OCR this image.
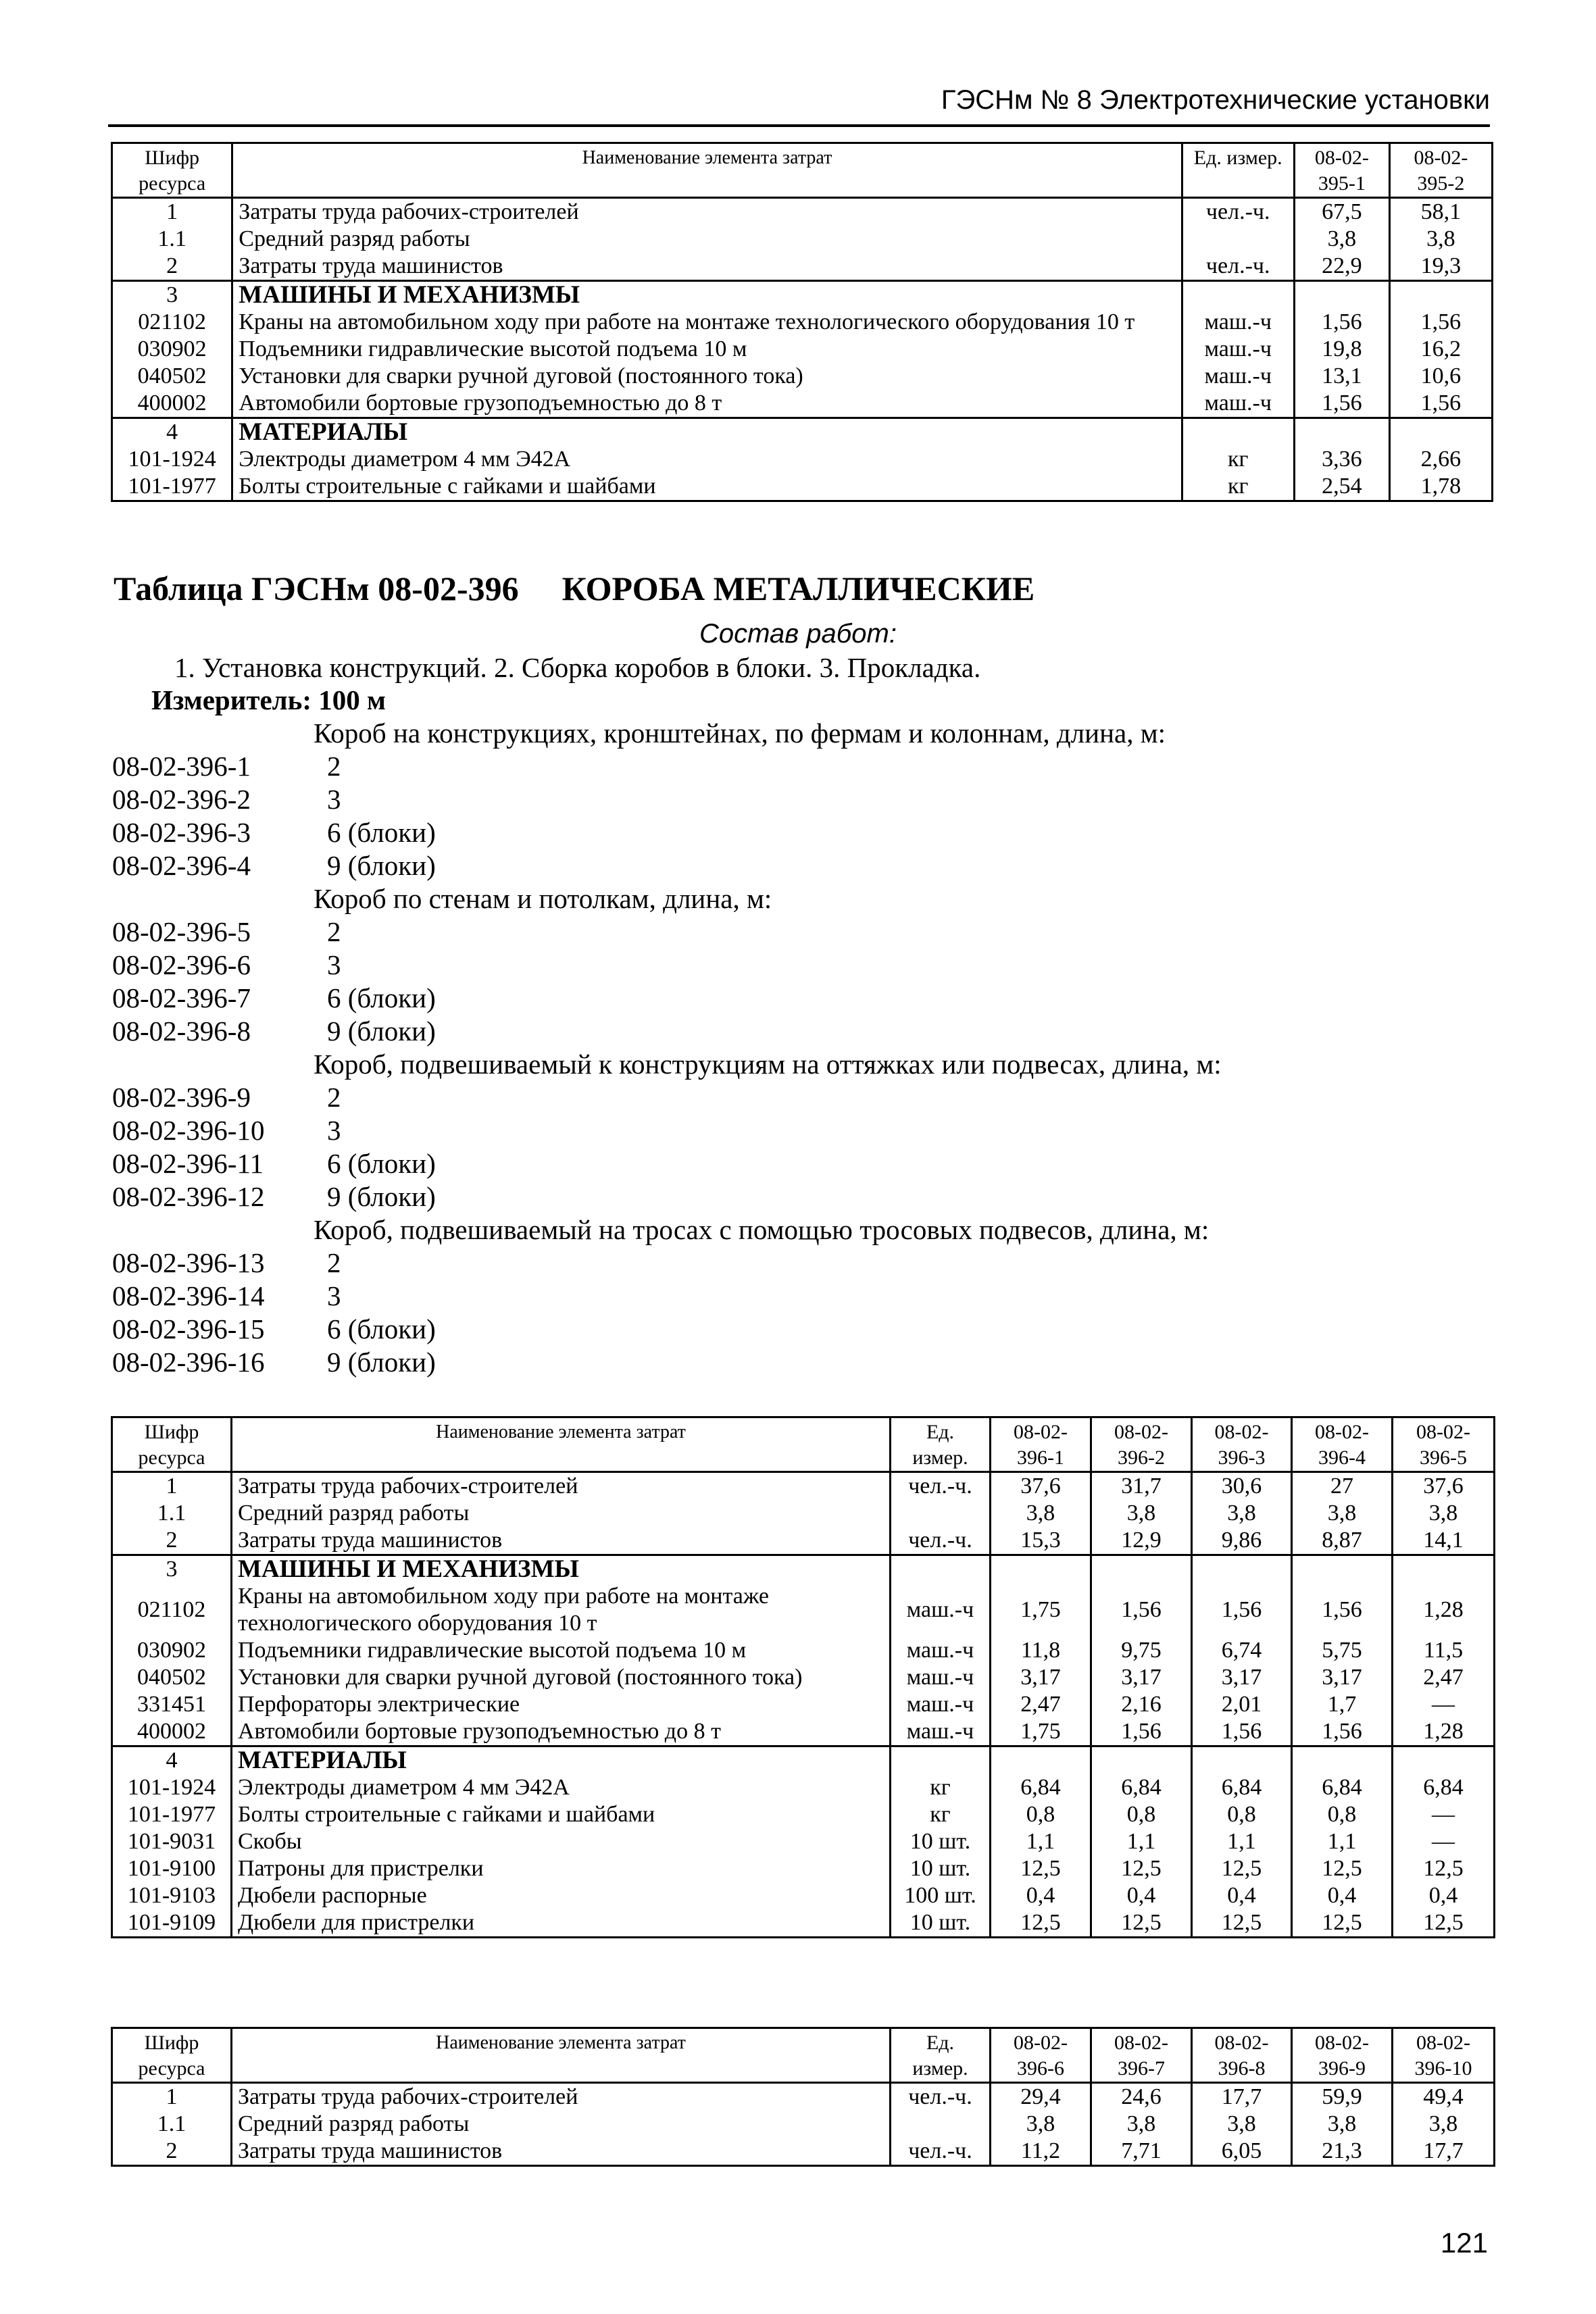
ГЭСНм № 8 Электротехнические установки
Шифр ресурса	Наименование элемента затрат	Ед. измер.	08-02-395-1	08-02-395-2
1	Затраты труда рабочих-строителей	чел.-ч.	67,5	58,1
1.1	Средний разряд работы		3,8	3,8
2	Затраты труда машинистов	чел.-ч.	22,9	19,3
3	МАШИНЫ И МЕХАНИЗМЫ			
021102	Краны на автомобильном ходу при работе на монтаже технологического оборудования 10 т	маш.-ч	1,56	1,56
030902	Подъемники гидравлические высотой подъема 10 м	маш.-ч	19,8	16,2
040502	Установки для сварки ручной дуговой (постоянного тока)	маш.-ч	13,1	10,6
400002	Автомобили бортовые грузоподъемностью до 8 т	маш.-ч	1,56	1,56
4	МАТЕРИАЛЫ			
101-1924	Электроды диаметром 4 мм Э42А	кг	3,36	2,66
101-1977	Болты строительные с гайками и шайбами	кг	2,54	1,78
Таблица ГЭСНм 08-02-396 КОРОБА МЕТАЛЛИЧЕСКИЕ
Состав работ:
1. Установка конструкций. 2. Сборка коробов в блоки. 3. Прокладка.
Измеритель: 100 м
Короб на конструкциях, кронштейнах, по фермам и колоннам, длина, м:
08-02-396-1	2
08-02-396-2	3
08-02-396-3	6 (блоки)
08-02-396-4	9 (блоки)
Короб по стенам и потолкам, длина, м:
08-02-396-5	2
08-02-396-6	3
08-02-396-7	6 (блоки)
08-02-396-8	9 (блоки)
Короб, подвешиваемый к конструкциям на оттяжках или подвесах, длина, м:
08-02-396-9	2
08-02-396-10 3
08-02-396-11 6 (блоки)
08-02-396-12 9 (блоки)
Короб, подвешиваемый на тросах с помощью тросовых подвесов, длина, м:
08-02-396-13 2
08-02-396-14 3
08-02-396-15 6 (блоки)
08-02-396-16 9 (блоки)
Шифр ресурса	Наименование элемента затрат	Ед. измер.	08-02-396-1	08-02-396-2	08-02-396-3	08-02-396-4	08-02-396-5
1	Затраты труда рабочих-строителей	чел.-ч.	37,6	31,7	30,6	27	37,6
1.1	Средний разряд работы		3,8	3,8	3,8	3,8	3,8
2	Затраты труда машинистов	чел.-ч.	15,3	12,9	9,86	8,87	14,1
3	МАШИНЫ И МЕХАНИЗМЫ						
021102	Краны на автомобильном ходу при работе на монтаже технологического оборудования 10 т	маш.-ч	1,75	1,56	1,56	1,56	1,28
030902	Подъемники гидравлические высотой подъема 10 м	маш.-ч	11,8	9,75	6,74	5,75	11,5
040502	Установки для сварки ручной дуговой (постоянного тока)	маш.-ч	3,17	3,17	3,17	3,17	2,47
331451	Перфораторы электрические	маш.-ч	2,47	2,16	2,01	1,7	—
400002	Автомобили бортовые грузоподъемностью до 8 т	маш.-ч	1,75	1,56	1,56	1,56	1,28
4	МАТЕРИАЛЫ						
101-1924	Электроды диаметром 4 мм Э42А	кг	6,84	6,84	6,84	6,84	6,84
101-1977	Болты строительные с гайками и шайбами	кг	0,8	0,8	0,8	0,8	—
101-9031	Скобы	10 шт.	1,1	1,1	1,1	1,1	—
101-9100	Патроны для пристрелки	10 шт.	12,5	12,5	12,5	12,5	12,5
101-9103	Дюбели распорные	100 шт.	0,4	0,4	0,4	0,4	0,4
101-9109	Дюбели для пристрелки	10 шт.	12,5	12,5	12,5	12,5	12,5
Шифр ресурса	Наименование элемента затрат	Ед. измер.	08-02-396-6	08-02-396-7	08-02-396-8	08-02-396-9	08-02-396-10
1	Затраты труда рабочих-строителей	чел.-ч.	29,4	24,6	17,7	59,9	49,4
1.1	Средний разряд работы		3,8	3,8	3,8	3,8	3,8
2	Затраты труда машинистов	чел.-ч.	11,2	7,71	6,05	21,3	17,7
121
